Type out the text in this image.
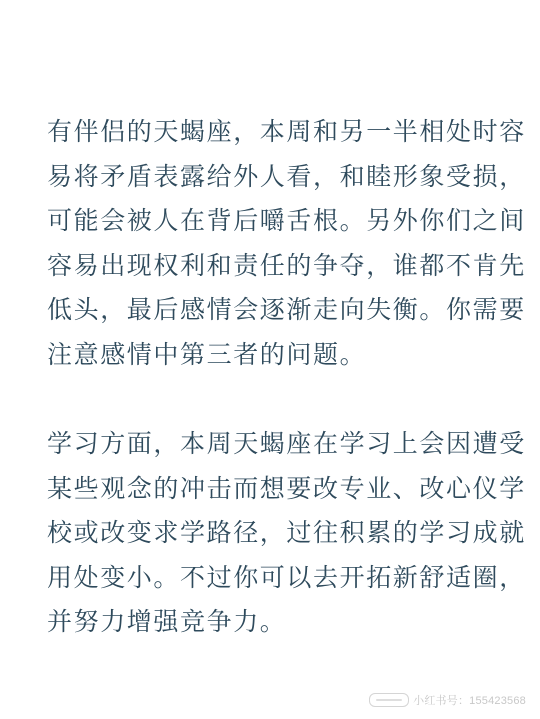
有伴侣的天蝎座，本周和另一半相处时容
易将矛盾表露给外人看，和睦形象受损，
可能会被人在背后嚼舌根。另外你们之间
容易出现权利和责任的争夺，谁都不肯先
低头，最后感情会逐渐走向失衡。你需要
注意感情中第三者的问题。

学习方面，本周天蝎座在学习上会因遭受
某些观念的冲击而想要改专业、改心仪学
校或改变求学路径，过往积累的学习成就
用处变小。不过你可以去开拓新舒适圈，
并努力增强竞争力。

小红书号：155423568
